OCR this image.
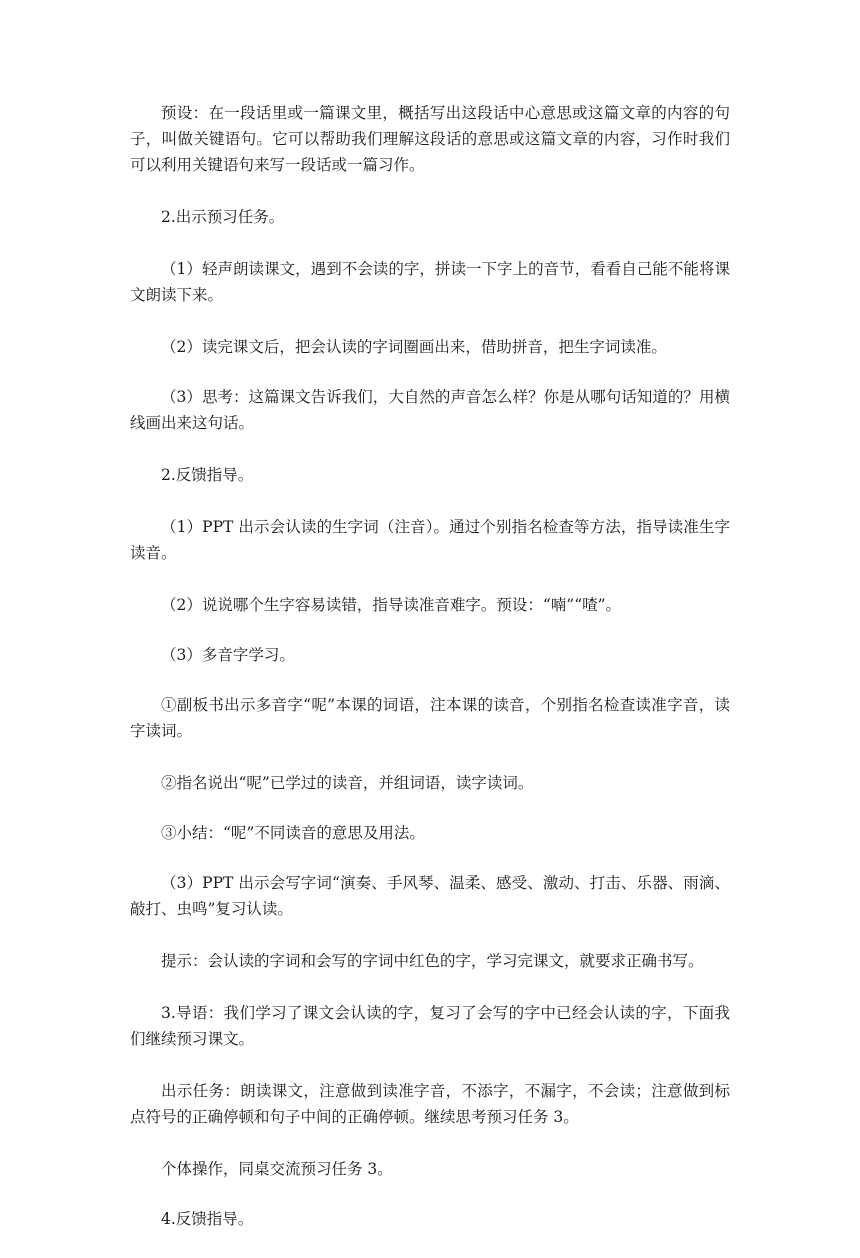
预设：在一段话里或一篇课文里，概括写出这段话中心意思或这篇文章的内容的句子，叫做关键语句。它可以帮助我们理解这段话的意思或这篇文章的内容，习作时我们可以利用关键语句来写一段话或一篇习作。

2.出示预习任务。

（1）轻声朗读课文，遇到不会读的字，拼读一下字上的音节，看看自己能不能将课文朗读下来。

（2）读完课文后，把会认读的字词圈画出来，借助拼音，把生字词读准。

（3）思考：这篇课文告诉我们，大自然的声音怎么样？你是从哪句话知道的？用横线画出来这句话。

2.反馈指导。

（1）PPT 出示会认读的生字词（注音）。通过个别指名检查等方法，指导读准生字读音。

（2）说说哪个生字容易读错，指导读准音难字。预设：“喃”“喳”。

（3）多音字学习。

①副板书出示多音字“呢”本课的词语，注本课的读音，个别指名检查读准字音，读字读词。

②指名说出“呢”已学过的读音，并组词语，读字读词。

③小结：“呢”不同读音的意思及用法。

（3）PPT 出示会写字词“演奏、手风琴、温柔、感受、激动、打击、乐器、雨滴、敲打、虫鸣”复习认读。

提示：会认读的字词和会写的字词中红色的字，学习完课文，就要求正确书写。

3.导语：我们学习了课文会认读的字，复习了会写的字中已经会认读的字，下面我们继续预习课文。

出示任务：朗读课文，注意做到读准字音，不添字，不漏字，不会读；注意做到标点符号的正确停顿和句子中间的正确停顿。继续思考预习任务 3。

个体操作，同桌交流预习任务 3。

4.反馈指导。
